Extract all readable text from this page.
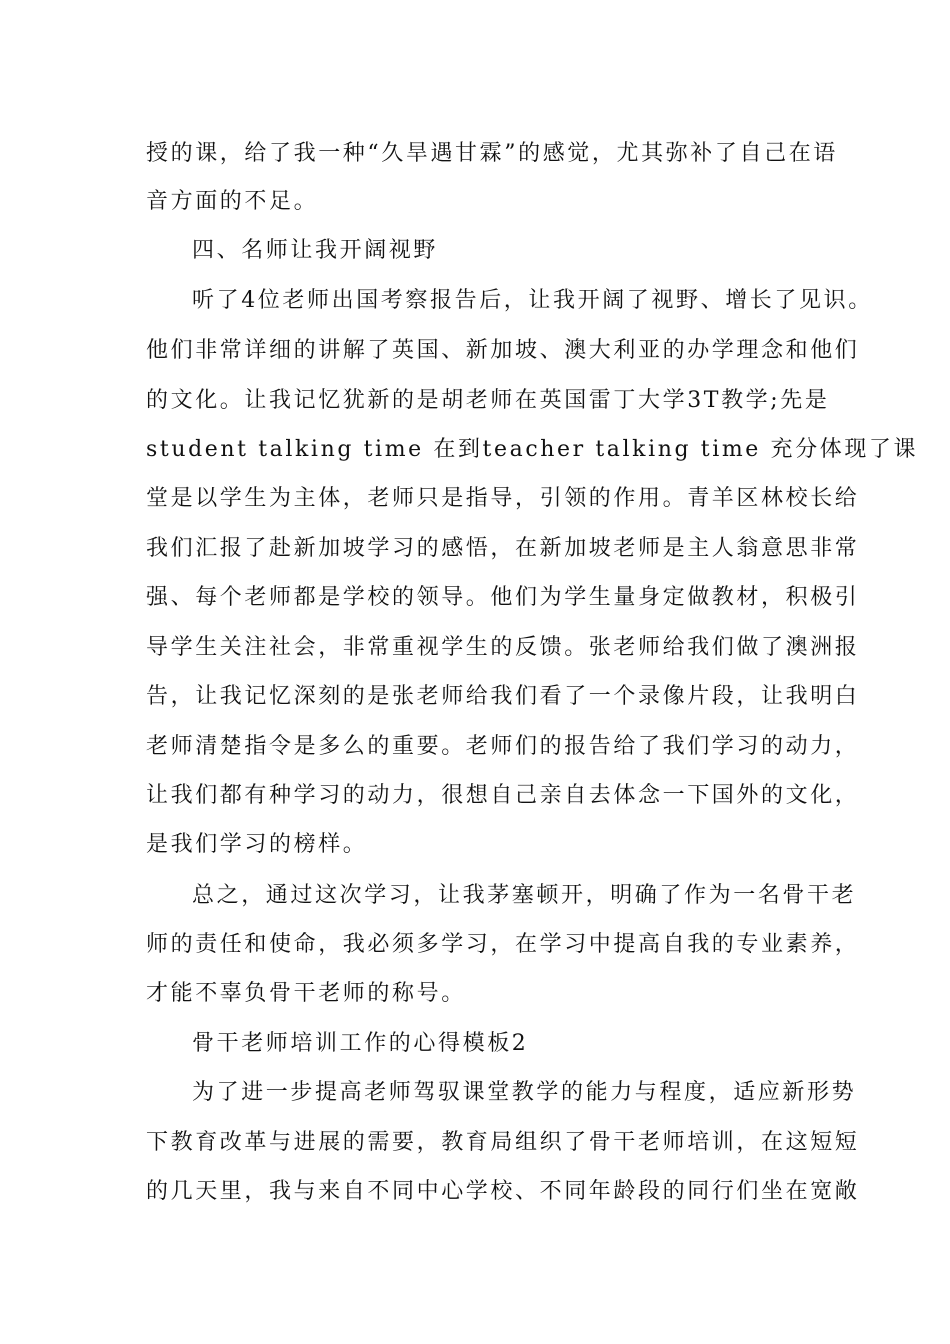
授的课，给了我一种“久旱遇甘霖”的感觉，尤其弥补了自己在语
音方面的不足。
四、名师让我开阔视野
听了4位老师出国考察报告后，让我开阔了视野、增长了见识。
他们非常详细的讲解了英国、新加坡、澳大利亚的办学理念和他们
的文化。让我记忆犹新的是胡老师在英国雷丁大学3T教学;先是
student talking time 在到teacher talking time 充分体现了课
堂是以学生为主体，老师只是指导，引领的作用。青羊区林校长给
我们汇报了赴新加坡学习的感悟，在新加坡老师是主人翁意思非常
强、每个老师都是学校的领导。他们为学生量身定做教材，积极引
导学生关注社会，非常重视学生的反馈。张老师给我们做了澳洲报
告，让我记忆深刻的是张老师给我们看了一个录像片段，让我明白
老师清楚指令是多么的重要。老师们的报告给了我们学习的动力，
让我们都有种学习的动力，很想自己亲自去体念一下国外的文化，
是我们学习的榜样。
总之，通过这次学习，让我茅塞顿开，明确了作为一名骨干老
师的责任和使命，我必须多学习，在学习中提高自我的专业素养，
才能不辜负骨干老师的称号。
骨干老师培训工作的心得模板2
为了进一步提高老师驾驭课堂教学的能力与程度，适应新形势
下教育改革与进展的需要，教育局组织了骨干老师培训，在这短短
的几天里，我与来自不同中心学校、不同年龄段的同行们坐在宽敞
